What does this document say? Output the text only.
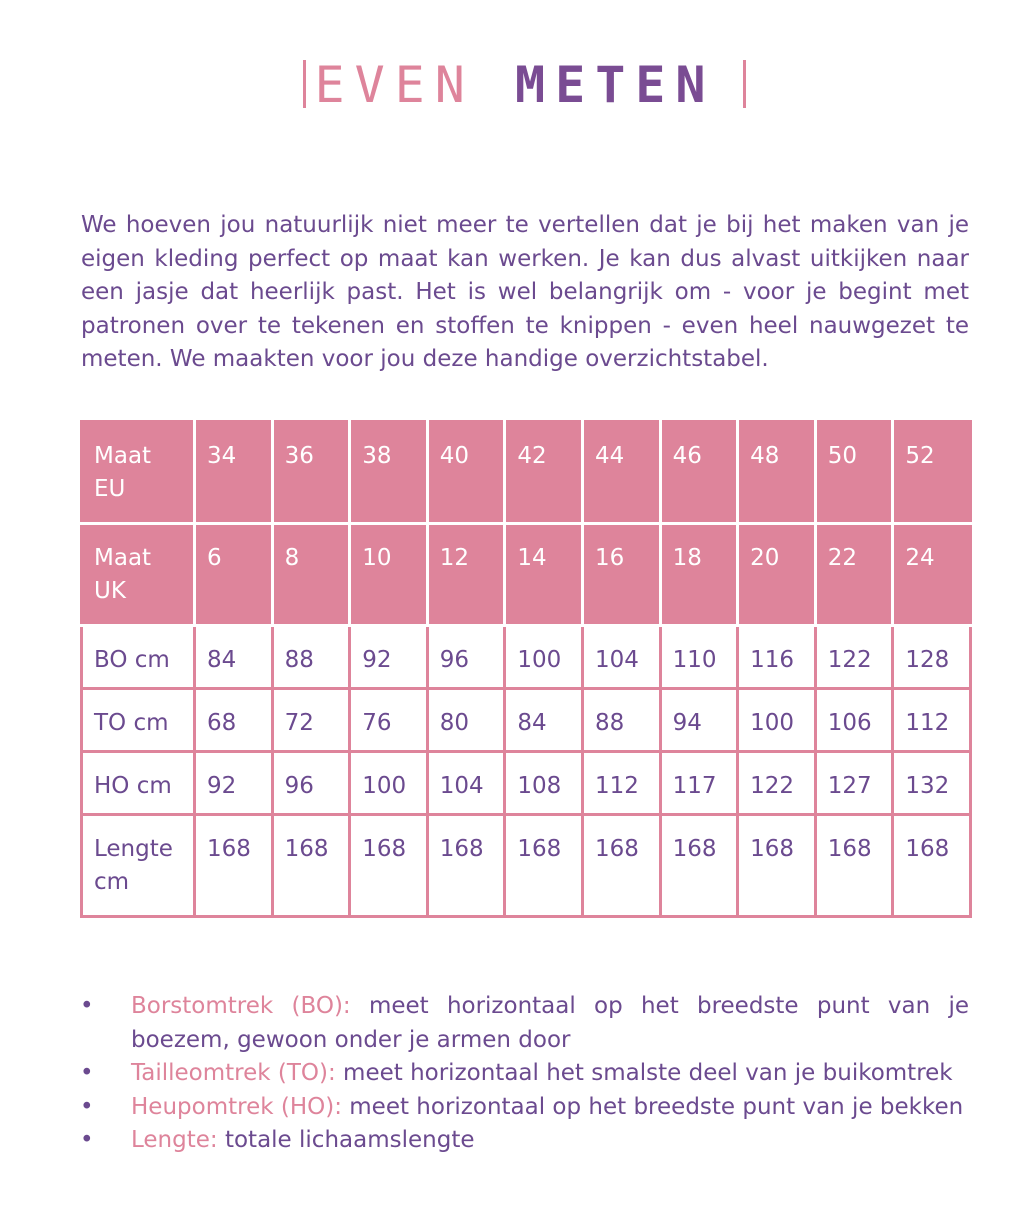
EVEN METEN

We hoeven jou natuurlijk niet meer te vertellen dat je bij het maken van je eigen kleding perfect op maat kan werken. Je kan dus alvast uitkijken naar een jasje dat heerlijk past. Het is wel belangrijk om - voor je begint met patronen over te tekenen en stoffen te knippen - even heel nauwgezet te meten. We maakten voor jou deze handige overzichtstabel.

Maat EU	34	36	38	40	42	44	46	48	50	52
Maat UK	6	8	10	12	14	16	18	20	22	24
BO cm	84	88	92	96	100	104	110	116	122	128
TO cm	68	72	76	80	84	88	94	100	106	112
HO cm	92	96	100	104	108	112	117	122	127	132
Lengte cm	168	168	168	168	168	168	168	168	168	168
• Borstomtrek (BO): meet horizontaal op het breedste punt van je boezem, gewoon onder je armen door
• Tailleomtrek (TO): meet horizontaal het smalste deel van je buikomtrek
• Heupomtrek (HO): meet horizontaal op het breedste punt van je bekken
• Lengte: totale lichaamslengte
